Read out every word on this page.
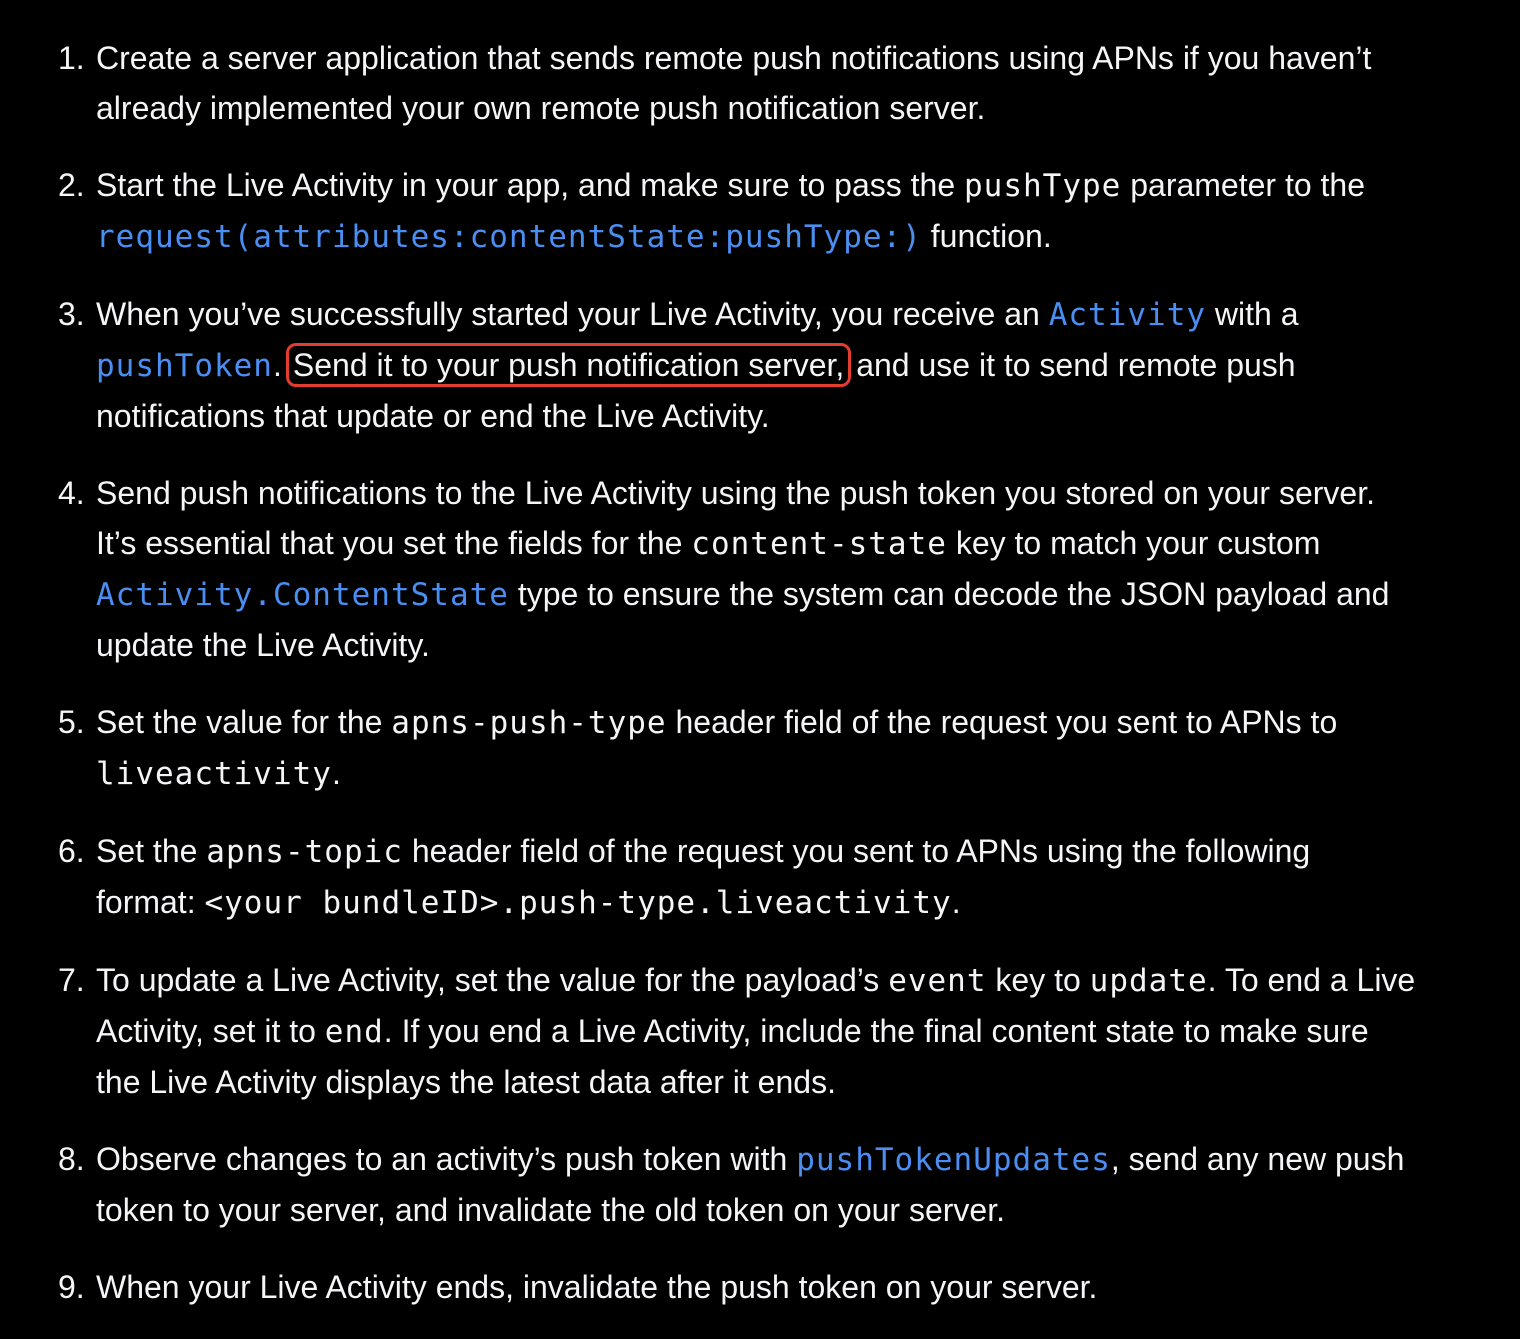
1. Create a server application that sends remote push notifications using APNs if you haven’t already implemented your own remote push notification server.
2. Start the Live Activity in your app, and make sure to pass the pushType parameter to the request(attributes:contentState:pushType:) function.
3. When you’ve successfully started your Live Activity, you receive an Activity with a pushToken. Send it to your push notification server, and use it to send remote push notifications that update or end the Live Activity.
4. Send push notifications to the Live Activity using the push token you stored on your server. It’s essential that you set the fields for the content-state key to match your custom Activity.ContentState type to ensure the system can decode the JSON payload and update the Live Activity.
5. Set the value for the apns-push-type header field of the request you sent to APNs to liveactivity.
6. Set the apns-topic header field of the request you sent to APNs using the following format: <your bundleID>.push-type.liveactivity.
7. To update a Live Activity, set the value for the payload’s event key to update. To end a Live Activity, set it to end. If you end a Live Activity, include the final content state to make sure the Live Activity displays the latest data after it ends.
8. Observe changes to an activity’s push token with pushTokenUpdates, send any new push token to your server, and invalidate the old token on your server.
9. When your Live Activity ends, invalidate the push token on your server.
